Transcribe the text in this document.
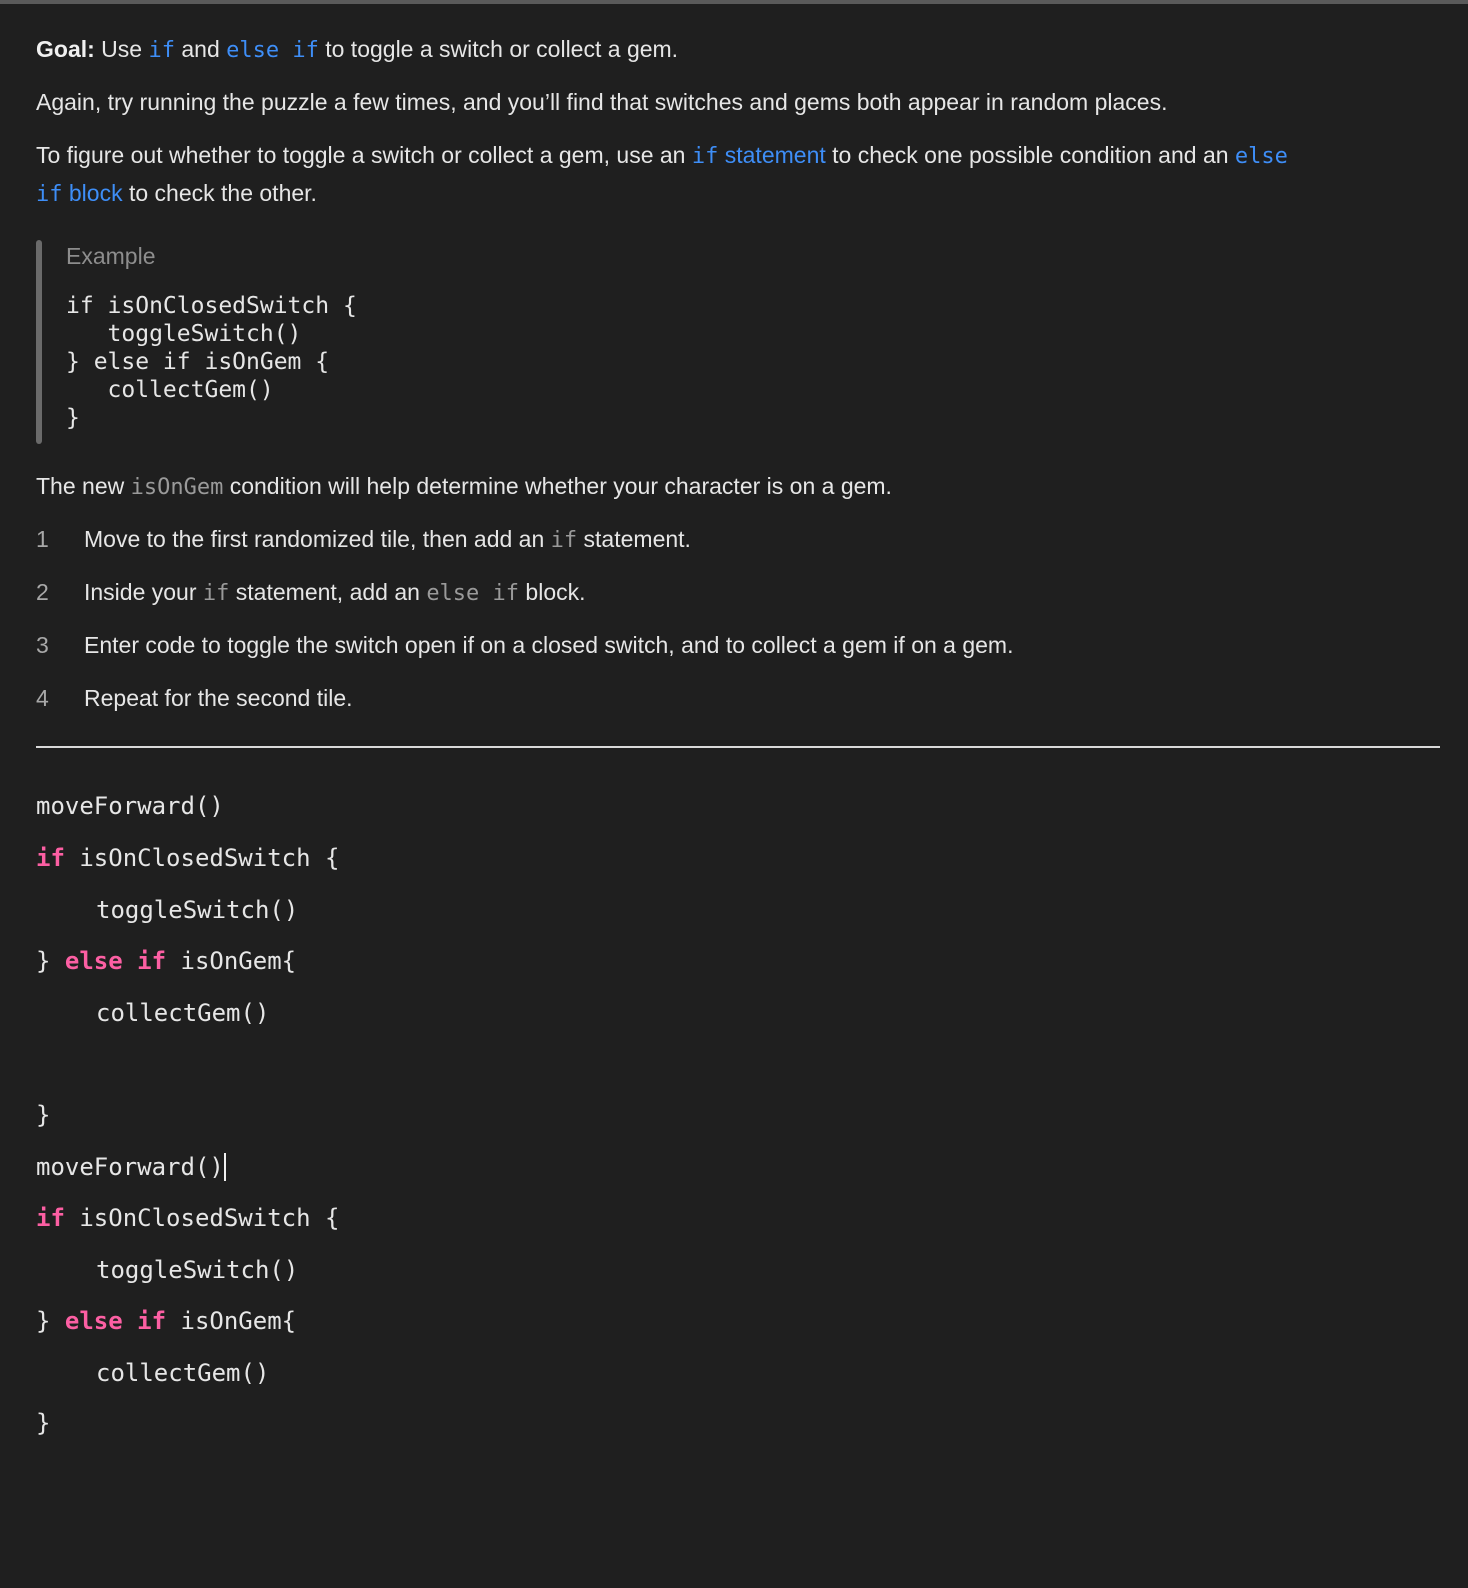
Goal: Use if and else if to toggle a switch or collect a gem.
Again, try running the puzzle a few times, and you’ll find that switches and gems both appear in random places.
To figure out whether to toggle a switch or collect a gem, use an if statement to check one possible condition and an else
if block to check the other.
Example
if isOnClosedSwitch {
toggleSwitch()
} else if isOnGem {
collectGem()
}
The new isOnGem condition will help determine whether your character is on a gem.
1	Move to the first randomized tile, then add an if statement.
2	Inside your if statement, add an else if block.
3	Enter code to toggle the switch open if on a closed switch, and to collect a gem if on a gem.
4	Repeat for the second tile.
moveForward()
if isOnClosedSwitch {
toggleSwitch()
} else if isOnGem{
collectGem()
}
moveForward()
if isOnClosedSwitch {
toggleSwitch()
} else if isOnGem{
collectGem()
}
